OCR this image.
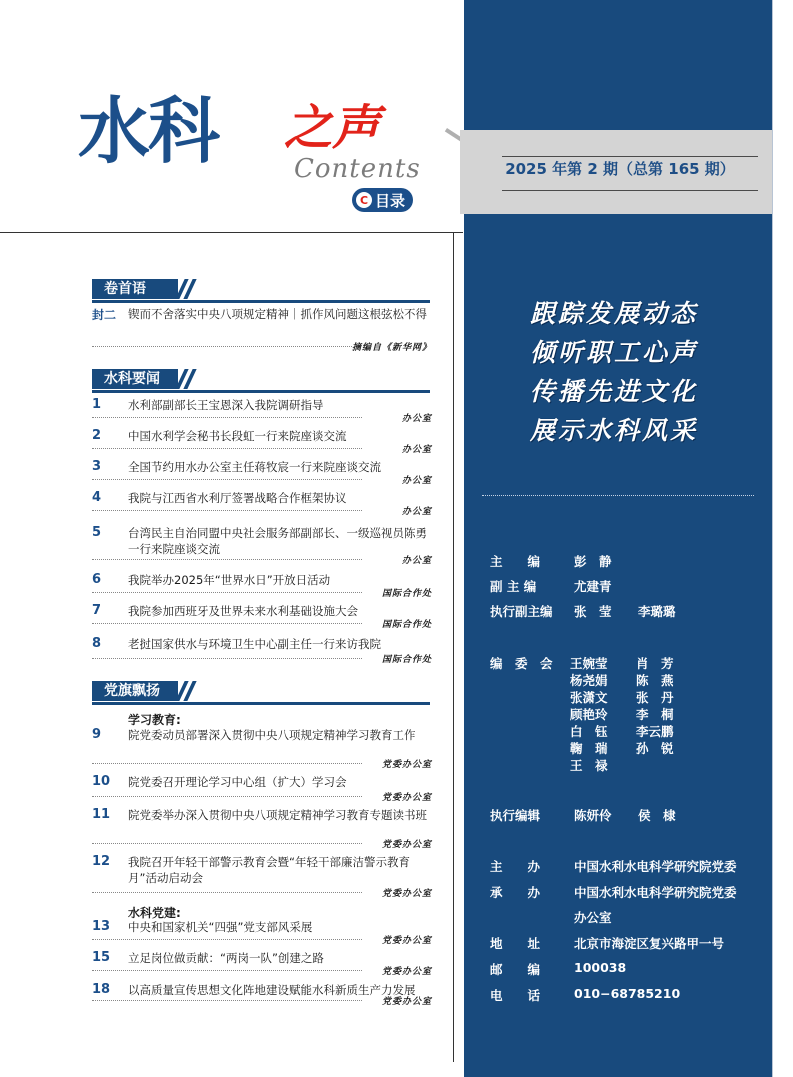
2025 年第 2 期（总第 165 期）
水科 之声
Contents
C 目录
卷首语
封二 锲而不舍落实中央八项规定精神｜抓作风问题这根弦松不得
摘编自《新华网》
水科要闻
1 水利部副部长王宝恩深入我院调研指导
办公室
2 中国水利学会秘书长段虹一行来院座谈交流
办公室
3 全国节约用水办公室主任蒋牧宸一行来院座谈交流
办公室
4 我院与江西省水利厅签署战略合作框架协议
办公室
5 台湾民主自治同盟中央社会服务部副部长、一级巡视员陈勇一行来院座谈交流
办公室
6 我院举办2025年“世界水日”开放日活动
国际合作处
7 我院参加西班牙及世界未来水利基础设施大会
国际合作处
8 老挝国家供水与环境卫生中心副主任一行来访我院
国际合作处
党旗飘扬
学习教育:
水科党建:
9 院党委动员部署深入贯彻中央八项规定精神学习教育工作
党委办公室
10 院党委召开理论学习中心组（扩大）学习会
党委办公室
11 院党委举办深入贯彻中央八项规定精神学习教育专题读书班
党委办公室
12 我院召开年轻干部警示教育会暨“年轻干部廉洁警示教育月”活动启动会
党委办公室
13 中央和国家机关“四强”党支部风采展
党委办公室
15 立足岗位做贡献：“两岗一队”创建之路
党委办公室
18 以高质量宣传思想文化阵地建设赋能水科新质生产力发展
党委办公室
跟踪发展动态
倾听职工心声
传播先进文化
展示水科风采
主　　编	彭　静
副 主 编	尤建青
执行副主编 张　莹 李璐璐
编　委　会 王婉莹 肖　芳
杨尧娟 陈　燕
张潇文 张　丹
顾艳玲 李　桐
白　钰 李云鹏
鞠　瑞 孙　锐
王　禄
执行编辑	陈妍伶 侯　棣
主　　办	中国水利水电科学研究院党委
承　　办	中国水利水电科学研究院党委
办公室
地　　址	北京市海淀区复兴路甲一号
邮　　编	100038
电　　话	010−68785210
